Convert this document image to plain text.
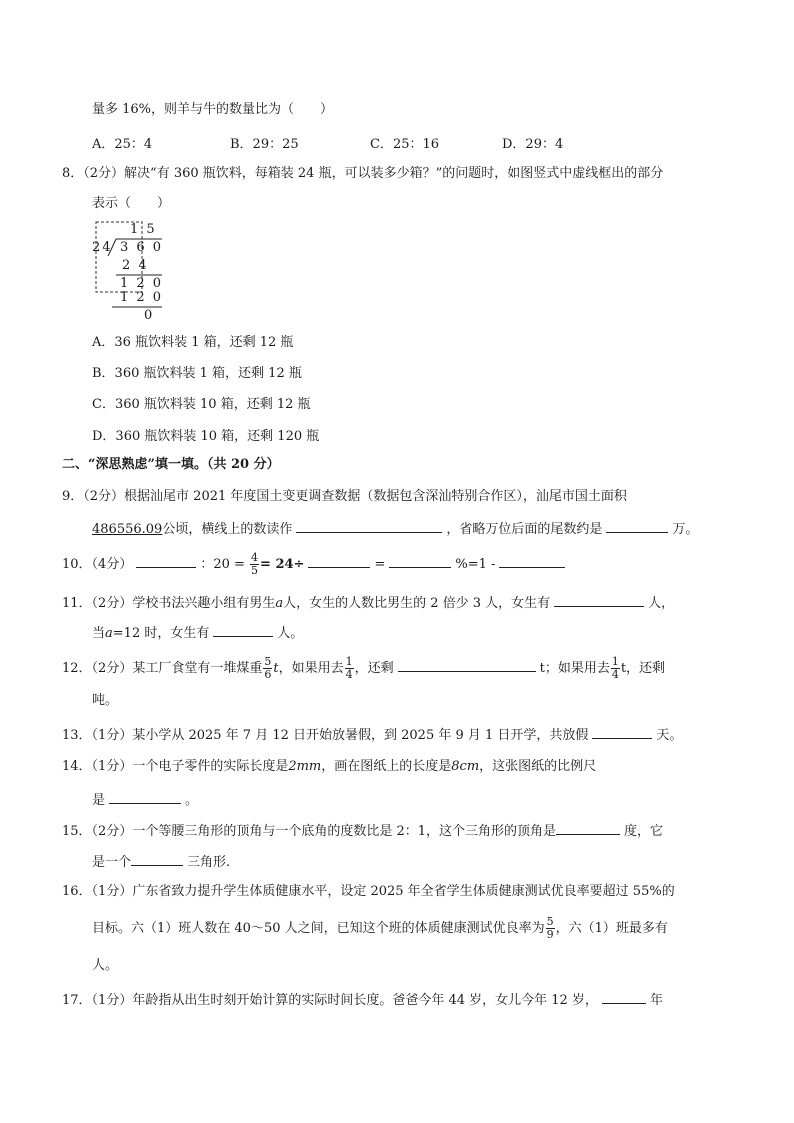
量多 16%，则羊与牛的数量比为（　　）
A．25：4	B．29：25	C．25：16	D．29：4
8．（2分）解决“有 360 瓶饮料，每箱装 24 瓶，可以装多少箱？”的问题时，如图竖式中虚线框出的部分
表示（　　）
1 5
24 3 6 0
2 4
1 2 0
1 2 0
0
A．36 瓶饮料装 1 箱，还剩 12 瓶
B．360 瓶饮料装 1 箱，还剩 12 瓶
C．360 瓶饮料装 10 箱，还剩 12 瓶
D．360 瓶饮料装 10 箱，还剩 120 瓶
二、“深思熟虑”填一填。（共 20 分）
9．（2分）根据汕尾市 2021 年度国土变更调查数据（数据包含深汕特别合作区），汕尾市国土面积
486556.09公顷，横线上的数读作	，省略万位后面的尾数约是	万。
10．（4分）	：$20 = \frac{4}{5} = 24\div$	=	%=1 -
11．（2分）学校书法兴趣小组有男生a人，女生的人数比男生的 2 倍少 3 人，女生有	人，
当a=12 时，女生有	人。
12．（2分）某工厂食堂有一堆煤重 $\frac{5}{6}$ t，如果用去 $\frac{1}{4}$ ，还剩	t；如果用去 $\frac{1}{4}$ t，还剩
吨。
13．（1分）某小学从 2025 年 7 月 12 日开始放暑假，到 2025 年 9 月 1 日开学，共放假	天。
14．（1分）一个电子零件的实际长度是2mm，画在图纸上的长度是8cm，这张图纸的比例尺
是	。
15．（2分）一个等腰三角形的顶角与一个底角的度数比是 2：1，这个三角形的顶角是	度，它
是一个	三角形.
16．（1分）广东省致力提升学生体质健康水平，设定 2025 年全省学生体质健康测试优良率要超过 55%的
目标。六（1）班人数在 40～50 人之间，已知这个班的体质健康测试优良率为 $\frac{5}{9}$ ，六（1）班最多有
人。
17．（1分）年龄指从出生时刻开始计算的实际时间长度。爸爸今年 44 岁，女儿今年 12 岁，	年
